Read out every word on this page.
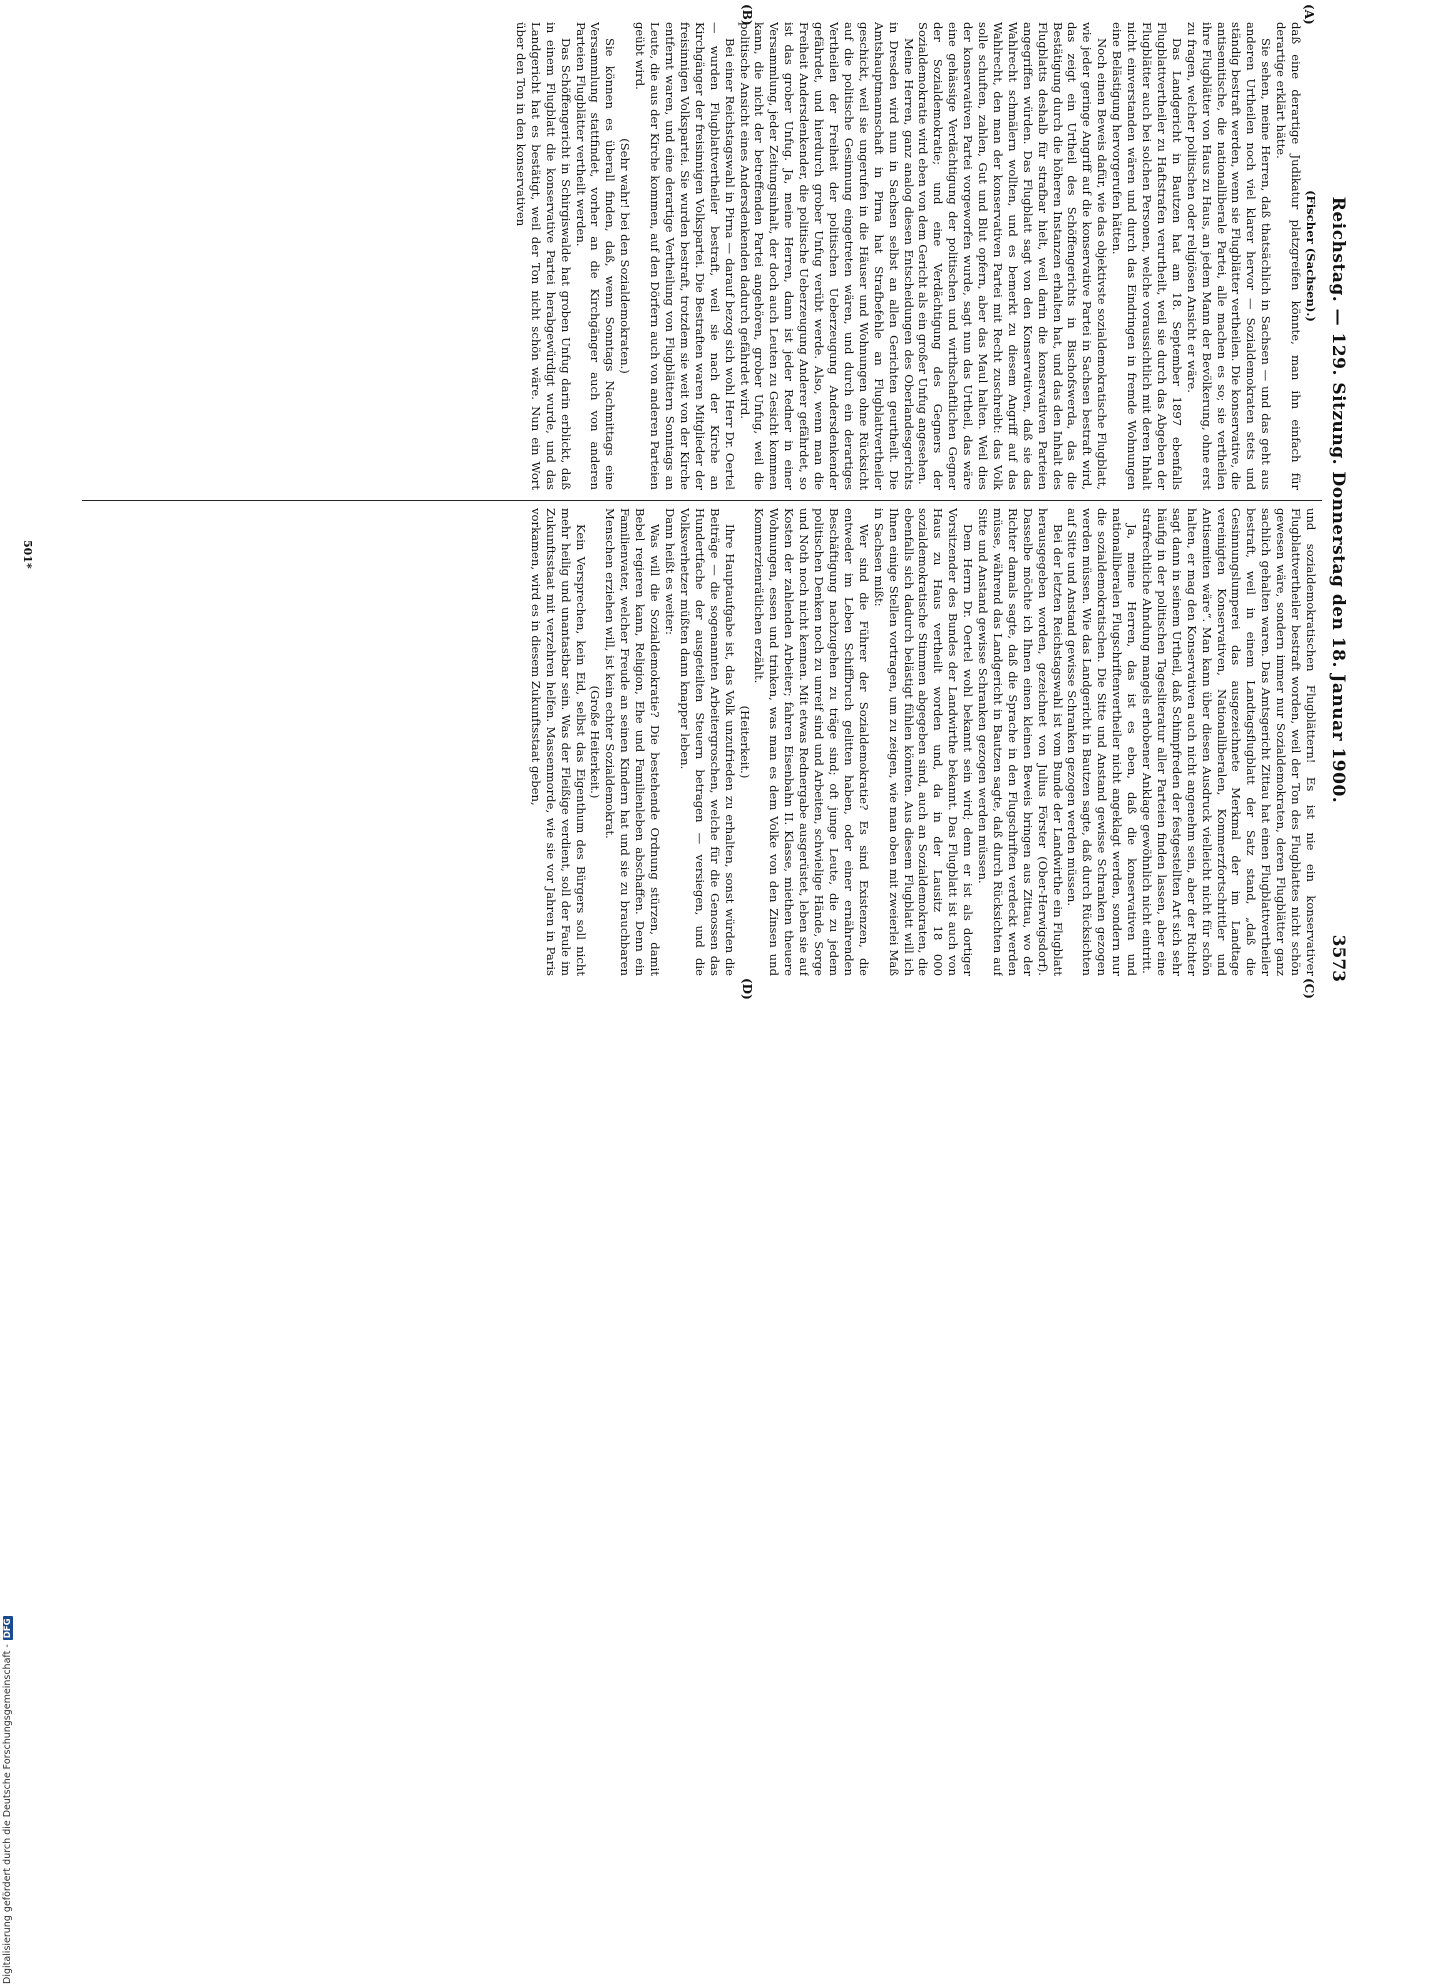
Reichstag. — 129. Sitzung. Donnerstag den 18. Januar 1900.
3573
(A)
(B)
(C)
(D)

(Fischer (Sachsen).)

daß eine derartige Judikatur platzgreifen könnte, man ihn einfach für derartige erklärt hätte.

Sie sehen, meine Herren, daß thatsächlich in Sachsen — und das geht aus anderen Urtheilen noch viel klarer hervor — Sozialdemokraten stets und ständig bestraft werden, wenn sie Flugblätter vertheilen. Die konservative, die antisemitische, die nationalliberale Partei, alle machen es so; sie vertheilen ihre Flugblätter von Haus zu Haus, an jedem Mann der Bevölkerung, ohne erst zu fragen, welcher politischen oder religiösen Ansicht er wäre.

Das Landgericht in Bautzen hat am 18. September 1897 ebenfalls Flugblattvertheiler zu Haftstrafen verurtheilt, weil sie durch das Abgeben der Flugblätter auch bei solchen Personen, welche voraussichtlich mit deren Inhalt nicht einverstanden wären und durch das Eindringen in fremde Wohnungen eine Belästigung hervorgerufen hätten.

Noch einen Beweis dafür, wie das objektivste sozialdemokratische Flugblatt, wie jeder geringe Angriff auf die konservative Partei in Sachsen bestraft wird, das zeigt ein Urtheil des Schöffengerichts in Bischofswerda, das die Bestätigung durch die höheren Instanzen erhalten hat, und das den Inhalt des Flugblatts deshalb für strafbar hielt, weil darin die konservativen Parteien angegriffen würden. Das Flugblatt sagt von den Konservativen, daß sie das Wahlrecht schmälern wollten, und es bemerkt zu diesem Angriff auf das Wahlrecht, den man der konservativen Partei mit Recht zuschreibt: das Volk solle schuften, zahlen, Gut und Blut opfern, aber das Maul halten. Weil dies der konservativen Partei vorgeworfen wurde, sagt nun das Urtheil, das wäre eine gehässige Verdächtigung der politischen und wirthschaftlichen Gegner der Sozialdemokratie; und eine Verdächtigung des Gegners der Sozialdemokratie wird eben von dem Gericht als ein großer Unfug angesehen.

Meine Herren, ganz analog diesen Entscheidungen des Oberlandesgerichts in Dresden wird nun in Sachsen selbst an allen Gerichten geurtheilt. Die Amtshauptmannschaft in Pirna hat Strafbefehle an Flugblattvertheiler geschickt, weil sie ungerufen in die Häuser und Wohnungen ohne Rücksicht auf die politische Gesinnung eingetreten wären, und durch ein derartiges Vertheilen der Freiheit der politischen Ueberzeugung Andersdenkender gefährdet, und hierdurch grober Unfug verübt werde. Also, wenn man die Freiheit Andersdenkender, die politische Ueberzeugung Anderer gefährdet, so ist das grober Unfug. Ja, meine Herren, dann ist jeder Redner in einer Versammlung, jeder Zeitungsinhalt, der doch auch Leuten zu Gesicht kommen kann, die nicht der betreffenden Partei angehören, grober Unfug, weil die politische Ansicht eines Andersdenkenden dadurch gefährdet wird.

Bei einer Reichstagswahl in Pirna — darauf bezog sich wohl Herr Dr. Oertel — wurden Flugblattvertheiler bestraft, weil sie nach der Kirche an Kirchgänger der freisinnigen Volkspartei. Die Bestraften waren Mitglieder der freisinnigen Volkspartei. Sie wurden bestraft, trotzdem sie weit von der Kirche entfernt waren, und eine derartige Vertheilung von Flugblättern Sonntags an Leute, die aus der Kirche kommen, auf den Dörfern auch von anderen Parteien geübt wird.

(Sehr wahr! bei den Sozialdemokraten.)

Sie können es überall finden, daß, wenn Sonntags Nachmittags eine Versammlung stattfindet, vorher an die Kirchgänger auch von anderen Parteien Flugblätter vertheilt werden.

Das Schöffengericht in Schirgiswalde hat groben Unfug darin erblickt, daß in einem Flugblatt die konservative Partei herabgewürdigt wurde, und das Landgericht hat es bestätigt, weil der Ton nicht schön wäre. Nun ein Wort über den Ton in den konservativen

und sozialdemokratischen Flugblättern! Es ist nie ein konservativer Flugblattvertheiler bestraft worden, weil der Ton des Flugblattes nicht schön gewesen wäre, sondern immer nur Sozialdemokraten, deren Flugblätter ganz sachlich gehalten waren. Das Amtsgericht Zittau hat einen Flugblattvertheiler bestraft, weil in einem Landtagsflugblatt der Satz stand, „daß die Gesinnungslumperei das ausgezeichnete Merkmal der im Landtage vereinigten Konservativen, Nationalliberalen, Kommerzfortschrittler und Antisemiten wäre“. Man kann über diesen Ausdruck vielleicht nicht für schön halten, er mag den Konservativen auch nicht angenehm sein, aber der Richter sagt dann in seinem Urtheil, daß Schimpfreden der festgestellten Art sich sehr häufig in der politischen Tagesliteratur aller Parteien finden lassen, aber eine strafrechtliche Ahndung mangels erhobener Anklage gewöhnlich nicht eintritt.

Ja, meine Herren, das ist es eben, daß die konservativen und nationalliberalen Flugschriftenvertheiler nicht angeklagt werden, sondern nur die sozialdemokratischen. Die Sitte und Anstand gewisse Schranken gezogen werden müssen. Wie das Landgericht in Bautzen sagte, daß durch Rücksichten auf Sitte und Anstand gewisse Schranken gezogen werden müssen.

Bei der letzten Reichstagswahl ist vom Bunde der Landwirthe ein Flugblatt herausgegeben worden, gezeichnet von Julius Förster (Ober-Herwigsdorf). Dasselbe möchte ich Ihnen einen kleinen Beweis bringen aus Zittau, wo der Richter damals sagte, daß die Sprache in den Flugschriften verdeckt werden müsse, während das Landgericht in Bautzen sagte, daß durch Rücksichten auf Sitte und Anstand gewisse Schranken gezogen werden müssen.

Dem Herrn Dr. Oertel wohl bekannt sein wird; denn er ist als dortiger Vorsitzender des Bundes der Landwirthe bekannt. Das Flugblatt ist auch von Haus zu Haus vertheilt worden und, da in der Lausitz 18 000 sozialdemokratische Stimmen abgegeben sind, auch an Sozialdemokraten, die ebenfalls sich dadurch belästigt fühlen könnten. Aus diesem Flugblatt will ich Ihnen einige Stellen vortragen, um zu zeigen, wie man oben mit zweierlei Maß in Sachsen mißt:

Wer sind die Führer der Sozialdemokratie? Es sind Existenzen, die entweder im Leben Schiffbruch gelitten haben, oder einer ernährenden Beschäftigung nachzugehen zu träge sind; oft junge Leute, die zu jedem politischen Denken noch zu unreif sind und Arbeiten, schwielige Hände, Sorge und Noth noch nicht kennen. Mit etwas Rednergabe ausgerüstet, leben sie auf Kosten der zahlenden Arbeiter; fahren Eisenbahn II. Klasse, miethen theuere Wohnungen, essen und trinken, was man es dem Volke von den Zinsen und Kommerzienrätlichen erzählt.

(Heiterkeit.)

Ihre Hauptaufgabe ist, das Volk unzufrieden zu erhalten, sonst würden die Beiträge — die sogenannten Arbeitergroschen, welche für die Genossen das Hundertfache der ausgeteilten Steuern betragen — versiegen, und die Volksverhetzer müßten dann knapper leben.

Dann heißt es weiter:

Was will die Sozialdemokratie? Die bestehende Ordnung stürzen, damit Bebel regieren kann, Religion, Ehe und Familienleben abschaffen. Denn ein Familienvater, welcher Freude an seinen Kindern hat und sie zu brauchbaren Menschen erziehen will, ist kein echter Sozialdemokrat.

(Große Heiterkeit.)

Kein Versprechen, kein Eid, selbst das Eigenthum des Bürgers soll nicht mehr heilig und unantastbar sein. Was der Fleißige verdient, soll der Faule im Zukunftsstaat mit verzehren helfen. Massenmorde, wie sie vor Jahren in Paris vorkamen, wird es in diesem Zukunftsstaat geben,

501*
Digitalisierung gefördert durch die Deutsche Forschungsgemeinschaft -DFG
